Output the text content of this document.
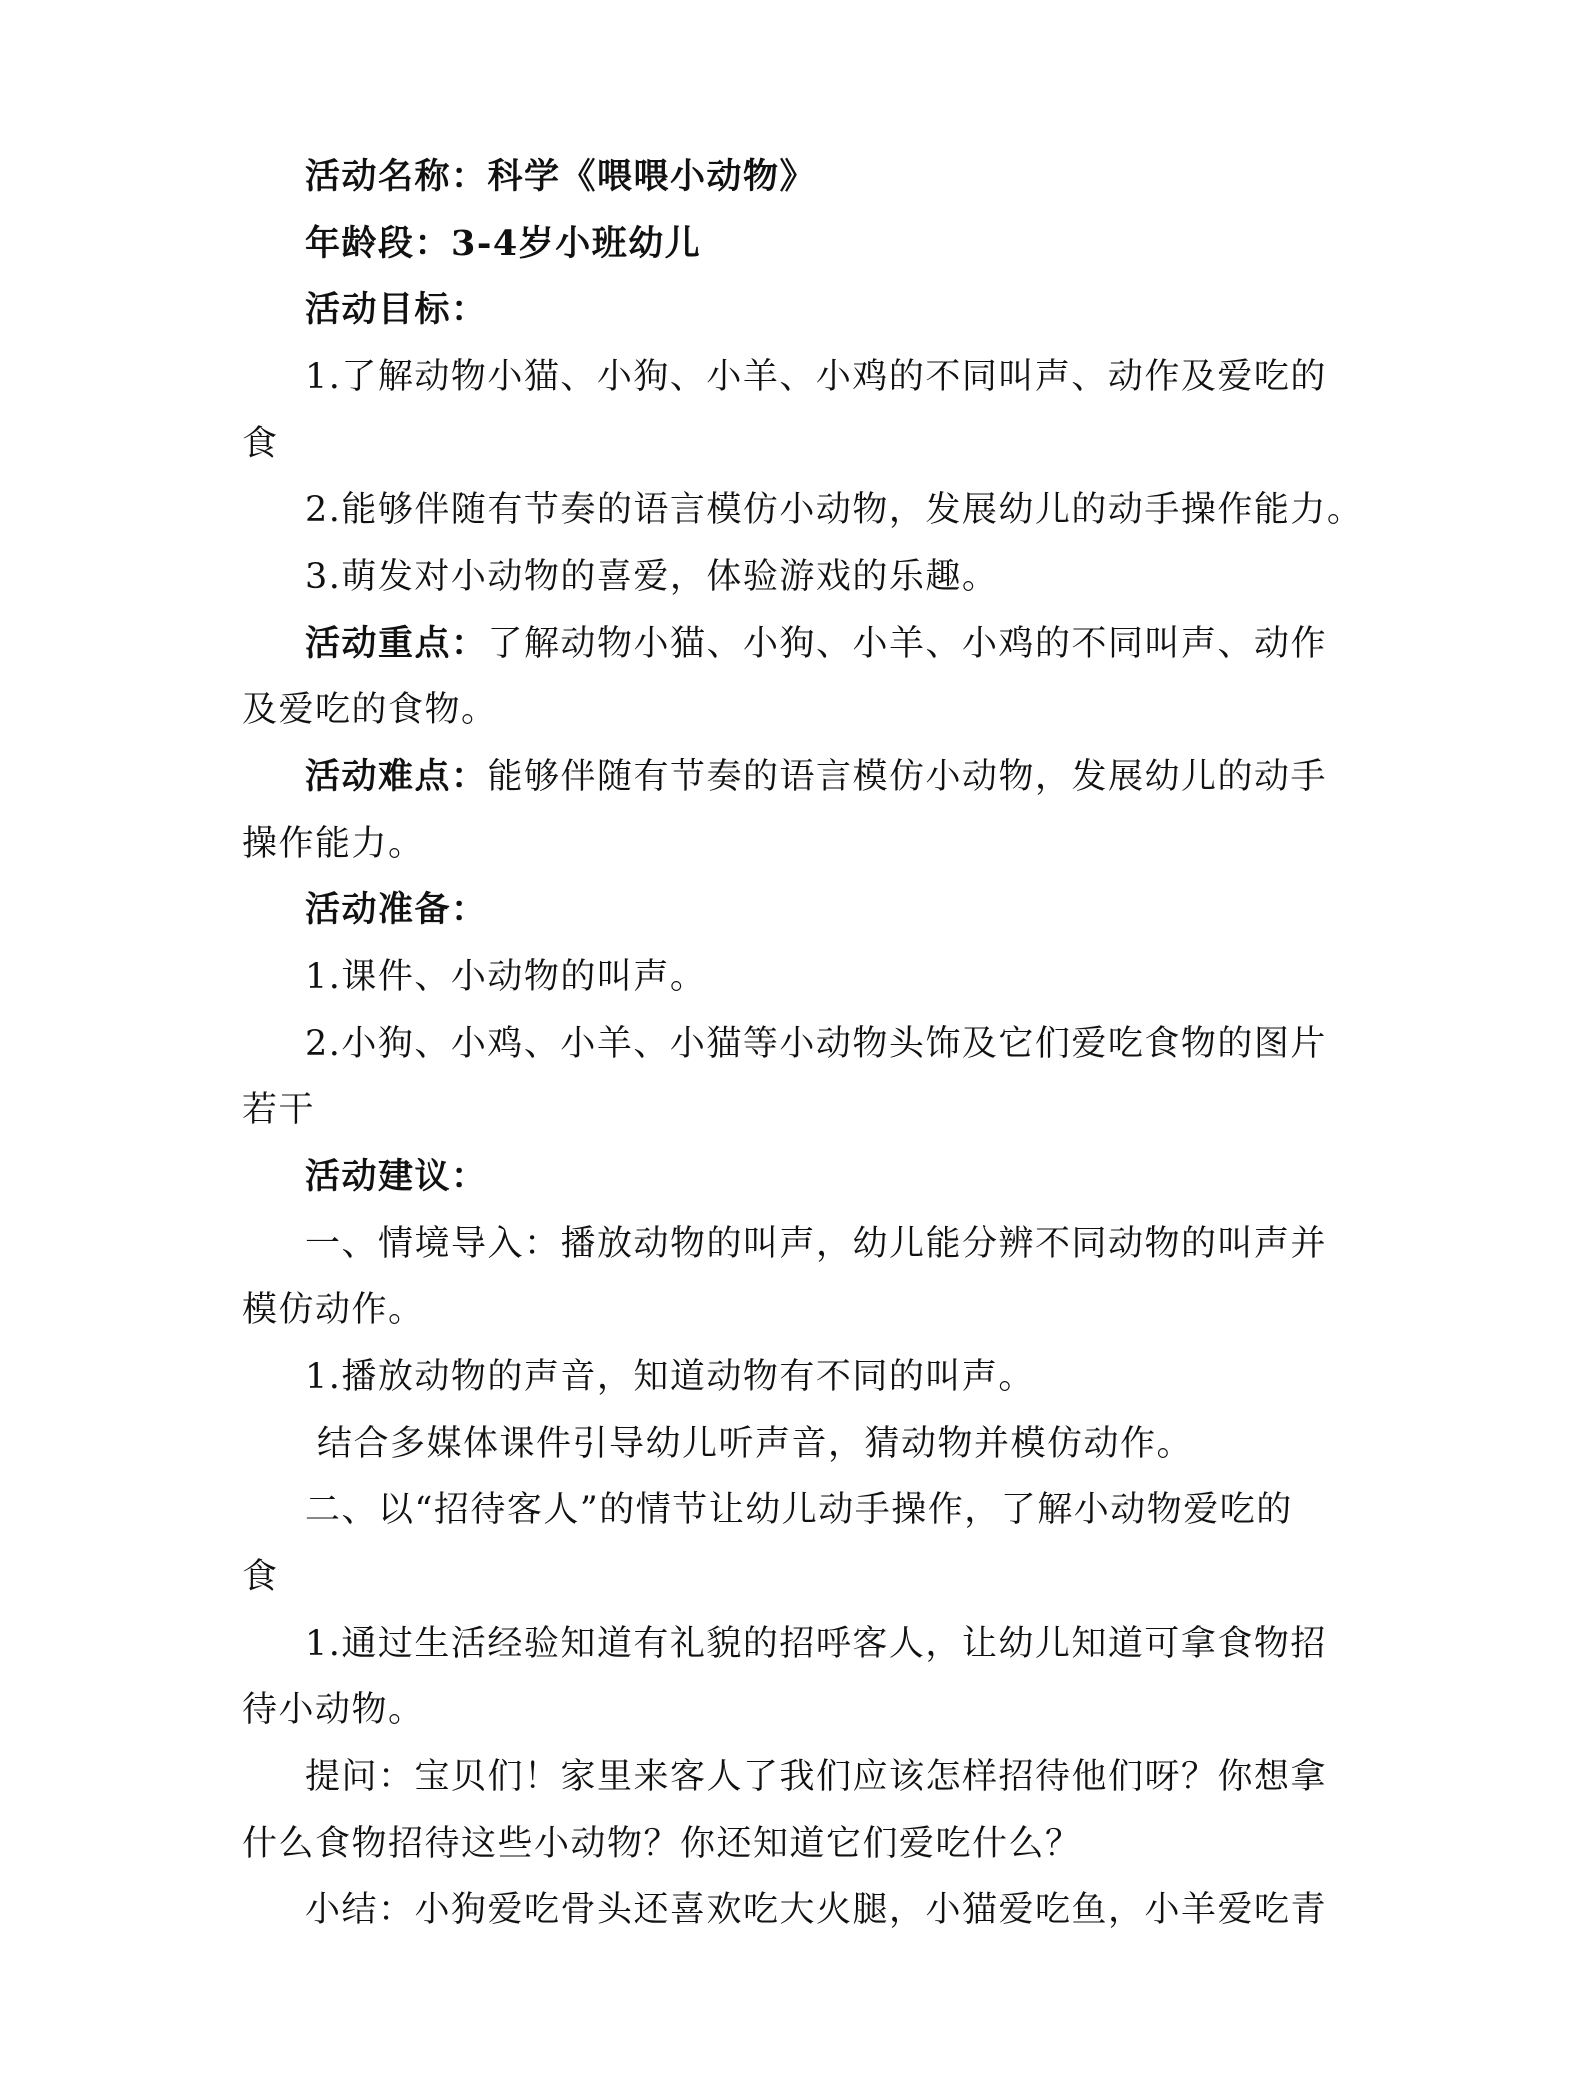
活动名称：科学《喂喂小动物》
年龄段：3-4岁小班幼儿
活动目标：
1.了解动物小猫、小狗、小羊、小鸡的不同叫声、动作及爱吃的
食
2.能够伴随有节奏的语言模仿小动物，发展幼儿的动手操作能力。
3.萌发对小动物的喜爱，体验游戏的乐趣。
活动重点：了解动物小猫、小狗、小羊、小鸡的不同叫声、动作
及爱吃的食物。
活动难点：能够伴随有节奏的语言模仿小动物，发展幼儿的动手
操作能力。
活动准备：
1.课件、小动物的叫声。
2.小狗、小鸡、小羊、小猫等小动物头饰及它们爱吃食物的图片
若干
活动建议：
一、情境导入：播放动物的叫声，幼儿能分辨不同动物的叫声并
模仿动作。
1.播放动物的声音，知道动物有不同的叫声。
结合多媒体课件引导幼儿听声音，猜动物并模仿动作。
二、以“招待客人”的情节让幼儿动手操作，了解小动物爱吃的
食
1.通过生活经验知道有礼貌的招呼客人，让幼儿知道可拿食物招
待小动物。
提问：宝贝们！家里来客人了我们应该怎样招待他们呀？你想拿
什么食物招待这些小动物？你还知道它们爱吃什么？
小结：小狗爱吃骨头还喜欢吃大火腿，小猫爱吃鱼，小羊爱吃青
